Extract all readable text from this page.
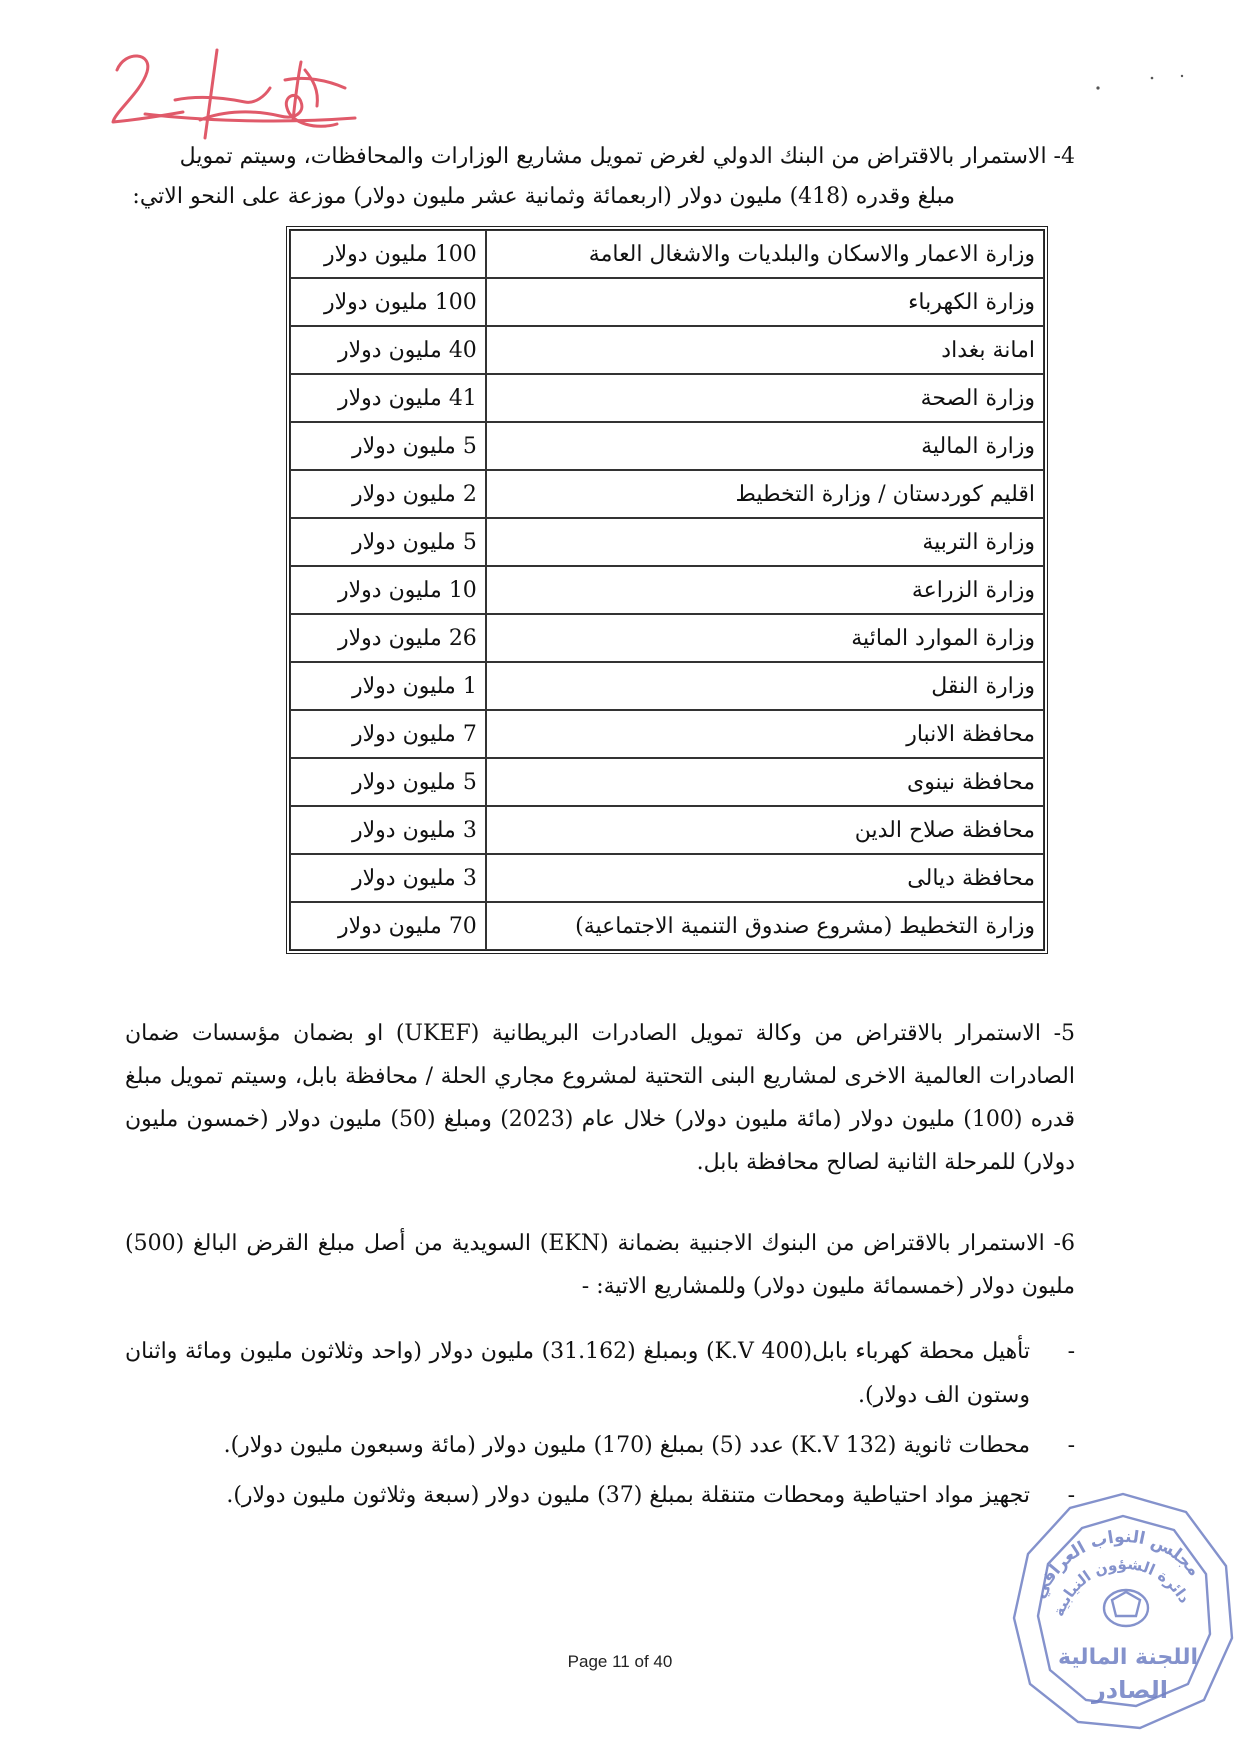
4- الاستمرار بالاقتراض من البنك الدولي لغرض تمويل مشاريع الوزارات والمحافظات، وسيتم تمويل
مبلغ وقدره (418) مليون دولار (اربعمائة وثمانية عشر مليون دولار) موزعة على النحو الاتي:
وزارة الاعمار والاسكان والبلديات والاشغال العامة	100 مليون دولار
وزارة الكهرباء	100 مليون دولار
امانة بغداد	40 مليون دولار
وزارة الصحة	41 مليون دولار
وزارة المالية	5 مليون دولار
اقليم كوردستان / وزارة التخطيط	2 مليون دولار
وزارة التربية	5 مليون دولار
وزارة الزراعة	10 مليون دولار
وزارة الموارد المائية	26 مليون دولار
وزارة النقل	1 مليون دولار
محافظة الانبار	7 مليون دولار
محافظة نينوى	5 مليون دولار
محافظة صلاح الدين	3 مليون دولار
محافظة ديالى	3 مليون دولار
وزارة التخطيط (مشروع صندوق التنمية الاجتماعية)	70 مليون دولار
5- الاستمرار بالاقتراض من وكالة تمويل الصادرات البريطانية (UKEF) او بضمان مؤسسات ضمان الصادرات العالمية الاخرى لمشاريع البنى التحتية لمشروع مجاري الحلة / محافظة بابل، وسيتم تمويل مبلغ قدره (100) مليون دولار (مائة مليون دولار) خلال عام (2023) ومبلغ (50) مليون دولار (خمسون مليون دولار) للمرحلة الثانية لصالح محافظة بابل.
6- الاستمرار بالاقتراض من البنوك الاجنبية بضمانة (EKN) السويدية من أصل مبلغ القرض البالغ (500) مليون دولار (خمسمائة مليون دولار) وللمشاريع الاتية: -
-
تأهيل محطة كهرباء بابل(400 K.V) وبمبلغ (31.162) مليون دولار (واحد وثلاثون مليون ومائة واثنان وستون الف دولار).
-
محطات ثانوية (132 K.V) عدد (5) بمبلغ (170) مليون دولار (مائة وسبعون مليون دولار).
-
تجهيز مواد احتياطية ومحطات متنقلة بمبلغ (37) مليون دولار (سبعة وثلاثون مليون دولار).
Page 11 of 40
مجلس النواب العراقي
دائرة الشؤون النيابية
اللجنة المالية
الصادر
